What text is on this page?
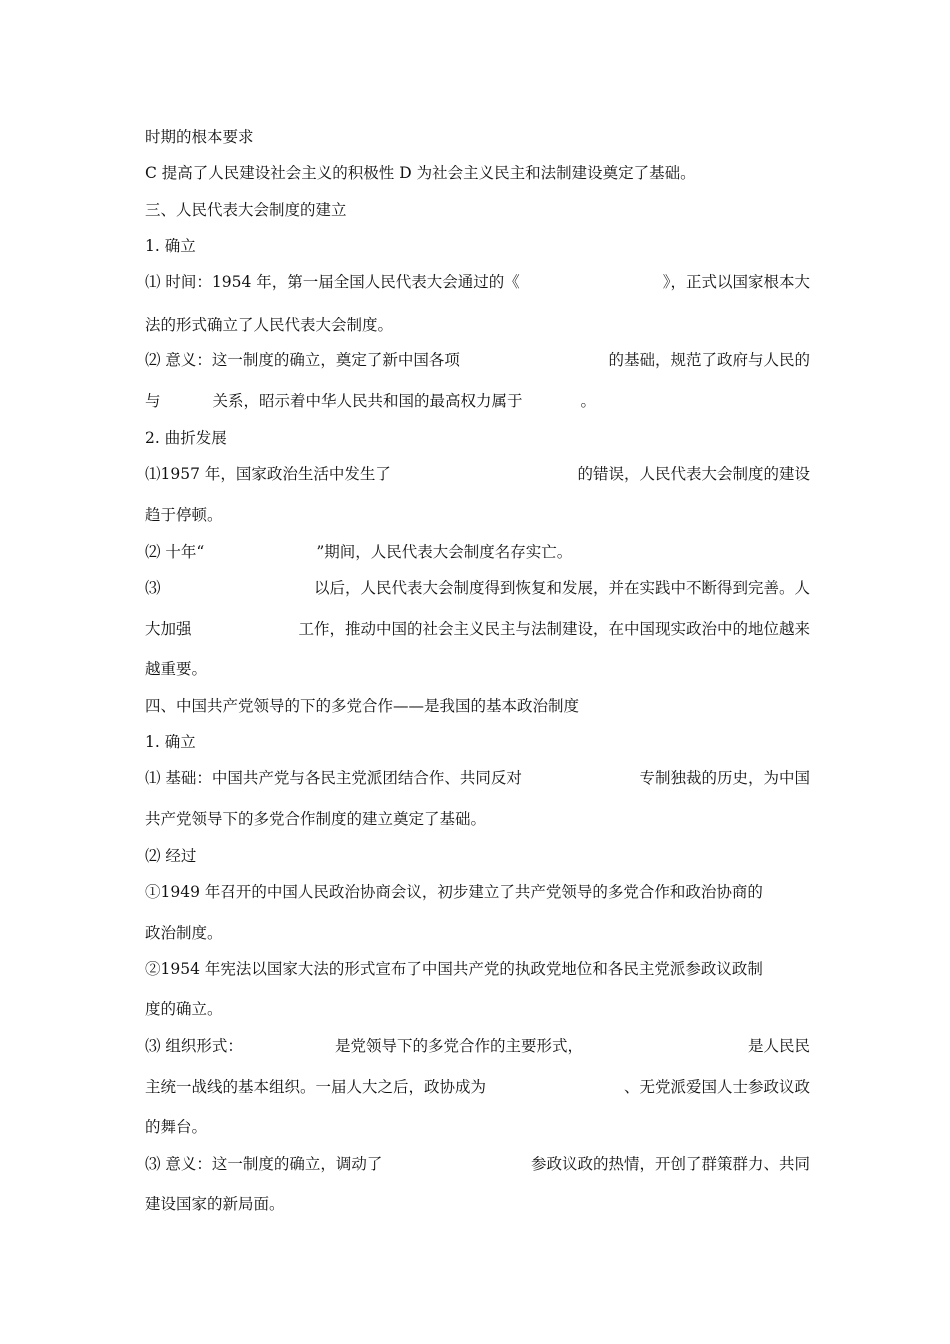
时期的根本要求
C 提高了人民建设社会主义的积极性 D 为社会主义民主和法制建设奠定了基础。
三、人民代表大会制度的建立
1. 确立
⑴ 时间：1954 年，第一届全国人民代表大会通过的《	》，正式以国家根本大
法的形式确立了人民代表大会制度。
⑵ 意义：这一制度的确立，奠定了新中国各项	的基础，规范了政府与人民的
与	关系，昭示着中华人民共和国的最高权力属于	。
2. 曲折发展
⑴1957 年，国家政治生活中发生了	的错误，人民代表大会制度的建设
趋于停顿。
⑵ 十年“	”期间，人民代表大会制度名存实亡。
⑶	以后，人民代表大会制度得到恢复和发展，并在实践中不断得到完善。人
大加强	工作，推动中国的社会主义民主与法制建设，在中国现实政治中的地位越来
越重要。
四、中国共产党领导的下的多党合作——是我国的基本政治制度
1. 确立
⑴ 基础：中国共产党与各民主党派团结合作、共同反对	专制独裁的历史，为中国
共产党领导下的多党合作制度的建立奠定了基础。
⑵ 经过
①1949 年召开的中国人民政治协商会议，初步建立了共产党领导的多党合作和政治协商的
政治制度。
②1954 年宪法以国家大法的形式宣布了中国共产党的执政党地位和各民主党派参政议政制
度的确立。
⑶ 组织形式：	是党领导下的多党合作的主要形式，	是人民民
主统一战线的基本组织。一届人大之后，政协成为	、无党派爱国人士参政议政
的舞台。
⑶ 意义：这一制度的确立，调动了	参政议政的热情，开创了群策群力、共同
建设国家的新局面。
